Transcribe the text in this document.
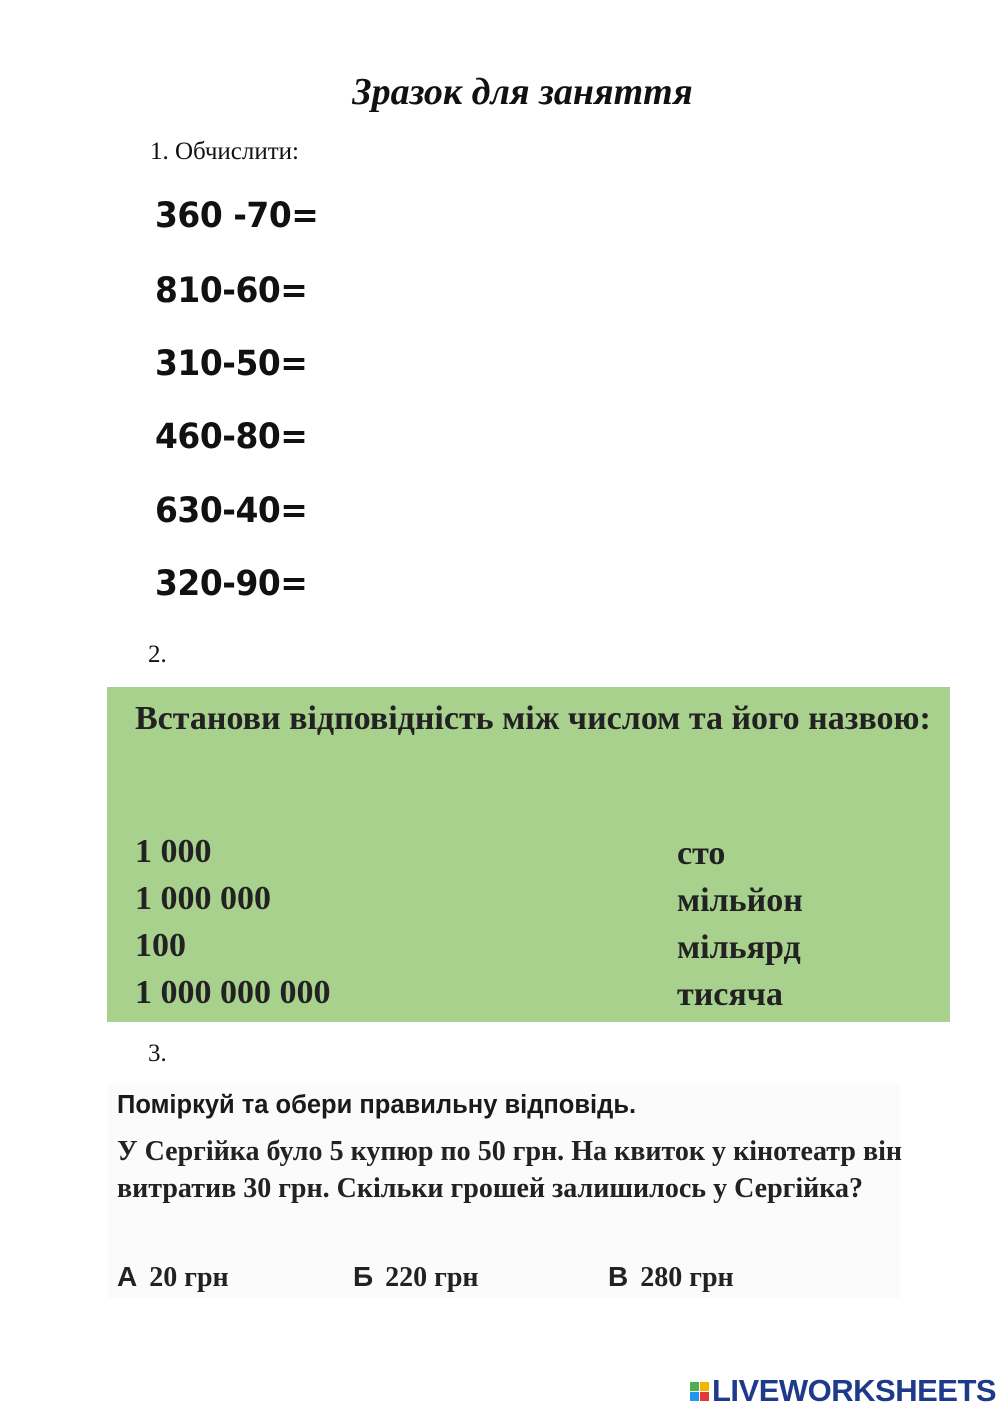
Зразок для заняття
1. Обчислити:
360 -70=
810-60=
310-50=
460-80=
630-40=
320-90=
2.
Встанови відповідність між числом та його назвою:
1 000
1 000 000
100
1 000 000 000
сто
мільйон
мільярд
тисяча
3.
Поміркуй та обери правильну відповідь.
У Сергійка було 5 купюр по 50 грн. На квиток у кінотеатр він витратив 30 грн. Скільки грошей залишилось у Сергійка?
А 20 грн	Б 220 грн	В 280 грн
LIVEWORKSHEETS
